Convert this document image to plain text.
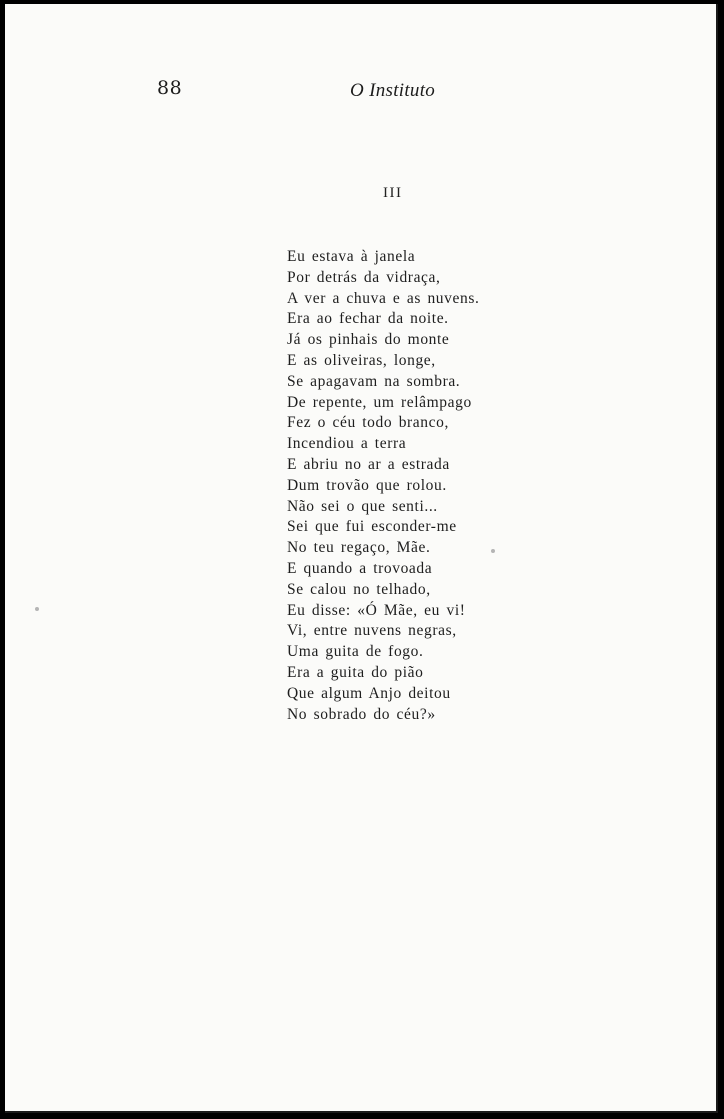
88	O Instituto
III
Eu estava à janela
Por detrás da vidraça,
A ver a chuva e as nuvens.
Era ao fechar da noite.
Já os pinhais do monte
E as oliveiras, longe,
Se apagavam na sombra.
De repente, um relâmpago
Fez o céu todo branco,
Incendiou a terra
E abriu no ar a estrada
Dum trovão que rolou.
Não sei o que senti...
Sei que fui esconder-me
No teu regaço, Mãe.
E quando a trovoada
Se calou no telhado,
Eu disse: «Ó Mãe, eu vi!
Vi, entre nuvens negras,
Uma guita de fogo.
Era a guita do pião
Que algum Anjo deitou
No sobrado do céu?»
